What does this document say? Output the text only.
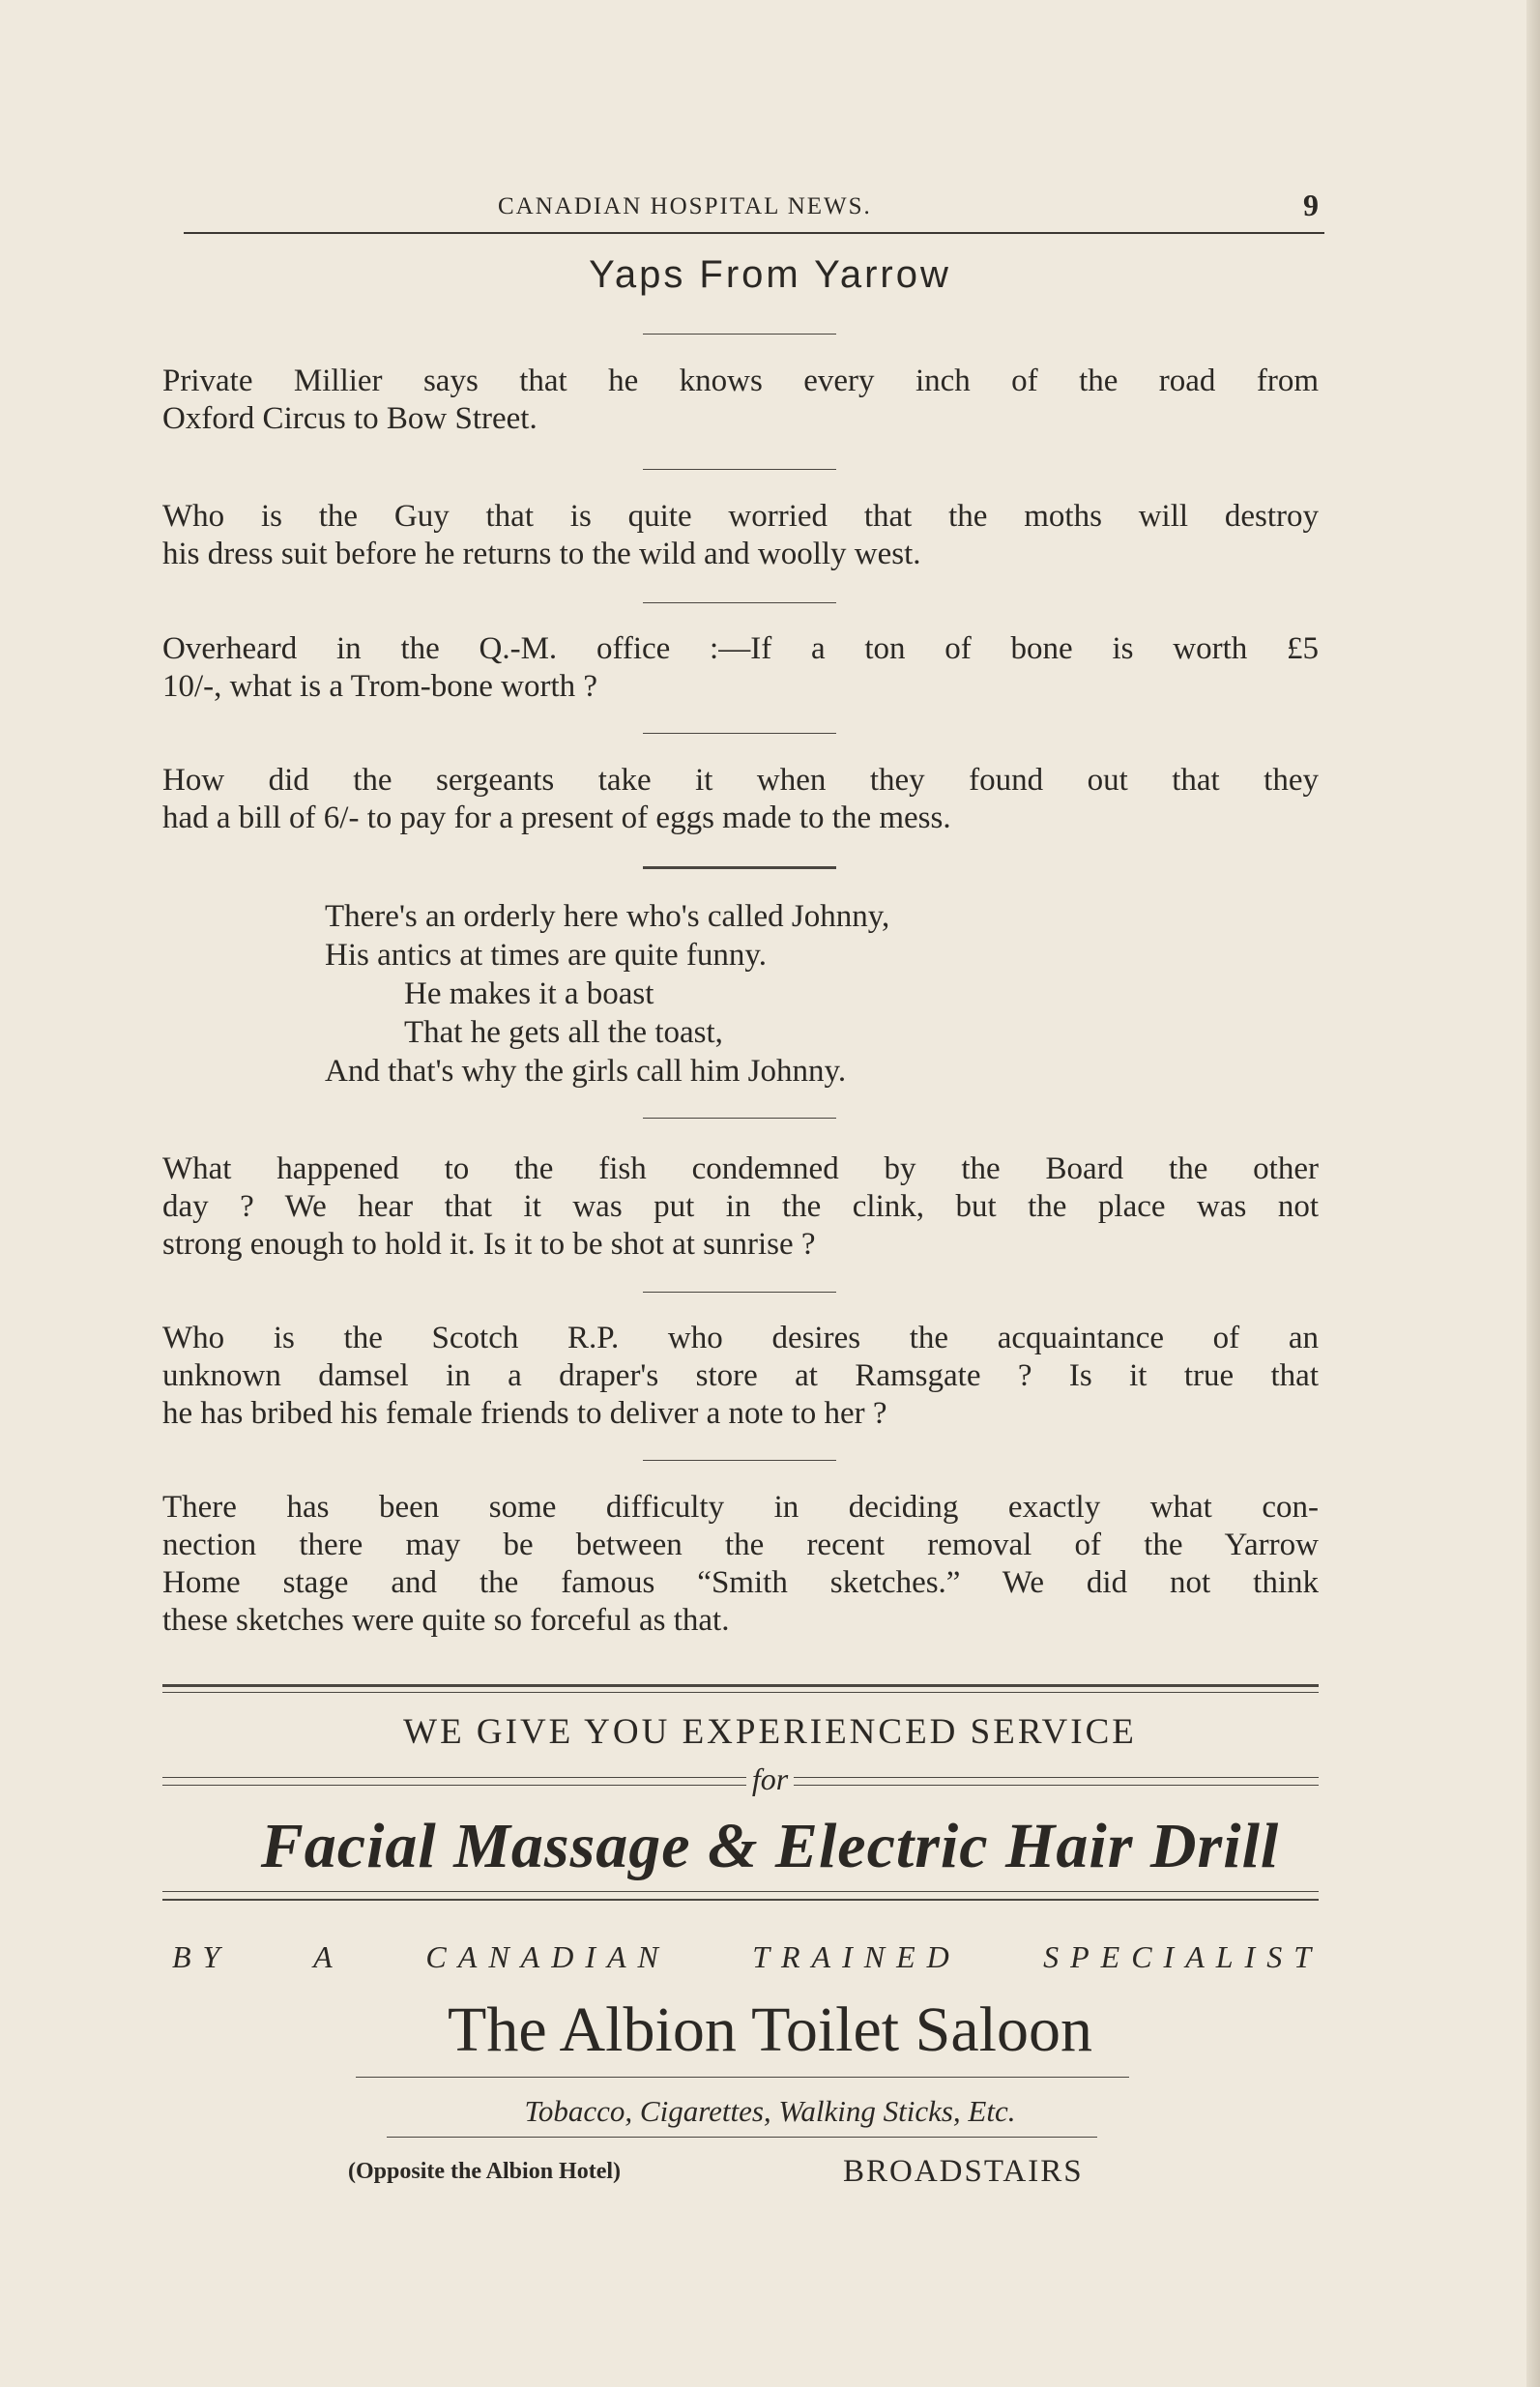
CANADIAN HOSPITAL NEWS.	9
Yaps From Yarrow

Private Millier says that he knows every inch of the road from
Oxford Circus to Bow Street.

Who is the Guy that is quite worried that the moths will destroy
his dress suit before he returns to the wild and woolly west.

Overheard in the Q.-M. office :—If a ton of bone is worth £5
10/-, what is a Trom-bone worth ?

How did the sergeants take it when they found out that they
had a bill of 6/- to pay for a present of eggs made to the mess.

There's an orderly here who's called Johnny,
His antics at times are quite funny.
He makes it a boast
That he gets all the toast,
And that's why the girls call him Johnny.

What happened to the fish condemned by the Board the other
day ? We hear that it was put in the clink, but the place was not
strong enough to hold it. Is it to be shot at sunrise ?

Who is the Scotch R.P. who desires the acquaintance of an
unknown damsel in a draper's store at Ramsgate ? Is it true that
he has bribed his female friends to deliver a note to her ?

There has been some difficulty in deciding exactly what con-
nection there may be between the recent removal of the Yarrow
Home stage and the famous “Smith sketches.” We did not think
these sketches were quite so forceful as that.

WE GIVE YOU EXPERIENCED SERVICE
for
Facial Massage & Electric Hair Drill
BY A CANADIAN TRAINED SPECIALIST
The Albion Toilet Saloon
Tobacco, Cigarettes, Walking Sticks, Etc.
(Opposite the Albion Hotel)	BROADSTAIRS
